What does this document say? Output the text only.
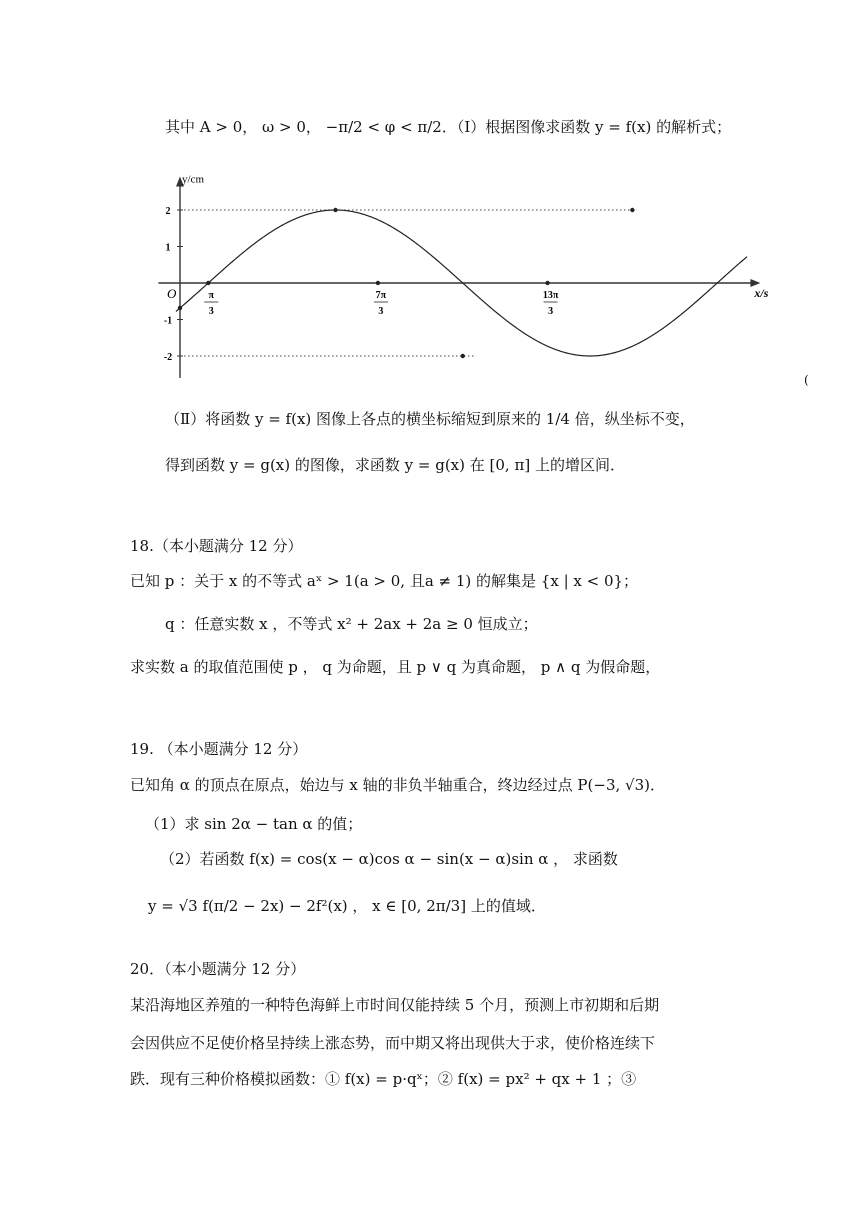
其中 A > 0， ω > 0， −π/2 < φ < π/2．（Ⅰ）根据图像求函数 y = f(x) 的解析式；
2
1
-1
-2
π
3
7π
3
13π
3
O
y/cm
x/s
(
（Ⅱ）将函数 y = f(x) 图像上各点的横坐标缩短到原来的 1/4 倍，纵坐标不变，
得到函数 y = g(x) 的图像，求函数 y = g(x) 在 [0, π] 上的增区间．
18.（本小题满分 12 分）
已知 p ：关于 x 的不等式 aˣ > 1(a > 0, 且a ≠ 1) 的解集是 {x | x < 0}；
q ：任意实数 x ，不等式 x² + 2ax + 2a ≥ 0 恒成立；
求实数 a 的取值范围使 p ， q 为命题，且 p ∨ q 为真命题， p ∧ q 为假命题，
19. （本小题满分 12 分）
已知角 α 的顶点在原点，始边与 x 轴的非负半轴重合，终边经过点 P(−3, √3)．
（1）求 sin 2α − tan α 的值；
（2）若函数 f(x) = cos(x − α)cos α − sin(x − α)sin α ， 求函数
y = √3 f(π/2 − 2x) − 2f²(x) ， x ∈ [0, 2π/3] 上的值域．
20．（本小题满分 12 分）
某沿海地区养殖的一种特色海鲜上市时间仅能持续 5 个月，预测上市初期和后期
会因供应不足使价格呈持续上涨态势，而中期又将出现供大于求，使价格连续下
跌．现有三种价格模拟函数：① f(x) = p·qˣ；② f(x) = px² + qx + 1 ；③
